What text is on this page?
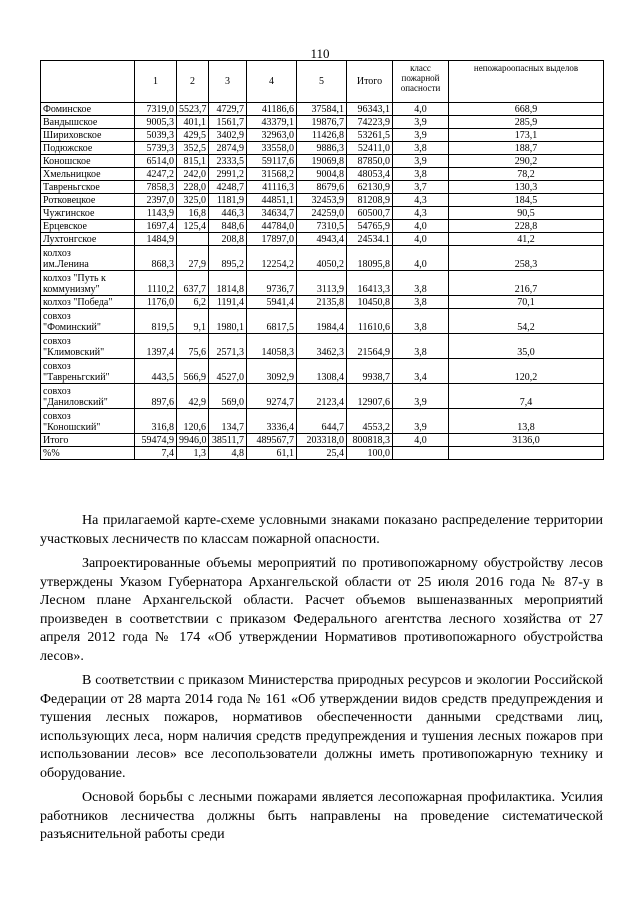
110
	1	2	3	4	5	Итого	класс пожарной опасности	непожароопасных выделов
Фоминское	7319,0	5523,7	4729,7	41186,6	37584,1	96343,1	4,0	668,9
Вандышское	9005,3	401,1	1561,7	43379,1	19876,7	74223,9	3,9	285,9
Шириховское	5039,3	429,5	3402,9	32963,0	11426,8	53261,5	3,9	173,1
Подюжское	5739,3	352,5	2874,9	33558,0	9886,3	52411,0	3,8	188,7
Коношское	6514,0	815,1	2333,5	59117,6	19069,8	87850,0	3,9	290,2
Хмельницкое	4247,2	242,0	2991,2	31568,2	9004,8	48053,4	3,8	78,2
Тавреньгское	7858,3	228,0	4248,7	41116,3	8679,6	62130,9	3,7	130,3
Ротковецкое	2397,0	325,0	1181,9	44851,1	32453,9	81208,9	4,3	184,5
Чужгинское	1143,9	16,8	446,3	34634,7	24259,0	60500,7	4,3	90,5
Ерцевское	1697,4	125,4	848,6	44784,0	7310,5	54765,9	4,0	228,8
Лухтонгское	1484,9		208,8	17897,0	4943,4	24534.1	4,0	41,2
колхоз
им.Ленина	868,3	27,9	895,2	12254,2	4050,2	18095,8	4,0	258,3
колхоз "Путь к
коммунизму"	1110,2	637,7	1814,8	9736,7	3113,9	16413,3	3,8	216,7
колхоз "Победа"	1176,0	6,2	1191,4	5941,4	2135,8	10450,8	3,8	70,1
совхоз
"Фоминский"	819,5	9,1	1980,1	6817,5	1984,4	11610,6	3,8	54,2
совхоз
"Климовский"	1397,4	75,6	2571,3	14058,3	3462,3	21564,9	3,8	35,0
совхоз
"Тавреньгский"	443,5	566,9	4527,0	3092,9	1308,4	9938,7	3,4	120,2
совхоз
"Даниловский"	897,6	42,9	569,0	9274,7	2123,4	12907,6	3,9	7,4
совхоз
"Коношский"	316,8	120,6	134,7	3336,4	644,7	4553,2	3,9	13,8
Итого	59474,9	9946,0	38511,7	489567,7	203318,0	800818,3	4,0	3136,0
%%	7,4	1,3	4,8	61,1	25,4	100,0		

На прилагаемой карте-схеме условными знаками показано распределение территории участковых лесничеств по классам пожарной опасности.

Запроектированные объемы мероприятий по противопожарному обустройству лесов утверждены Указом Губернатора Архангельской области от 25 июля 2016 года № 87-у в Лесном плане Архангельской области. Расчет объемов вышеназванных мероприятий произведен в соответствии с приказом Федерального агентства лесного хозяйства от 27 апреля 2012 года № 174 «Об утверждении Нормативов противопожарного обустройства лесов».

В соответствии с приказом Министерства природных ресурсов и экологии Российской Федерации от 28 марта 2014 года № 161 «Об утверждении видов средств предупреждения и тушения лесных пожаров, нормативов обеспеченности данными средствами лиц, использующих леса, норм наличия средств предупреждения и тушения лесных пожаров при использовании лесов» все лесопользователи должны иметь противопожарную технику и оборудование.

Основой борьбы с лесными пожарами является лесопожарная профилактика. Усилия работников лесничества должны быть направлены на проведение систематической разъяснительной работы среди
